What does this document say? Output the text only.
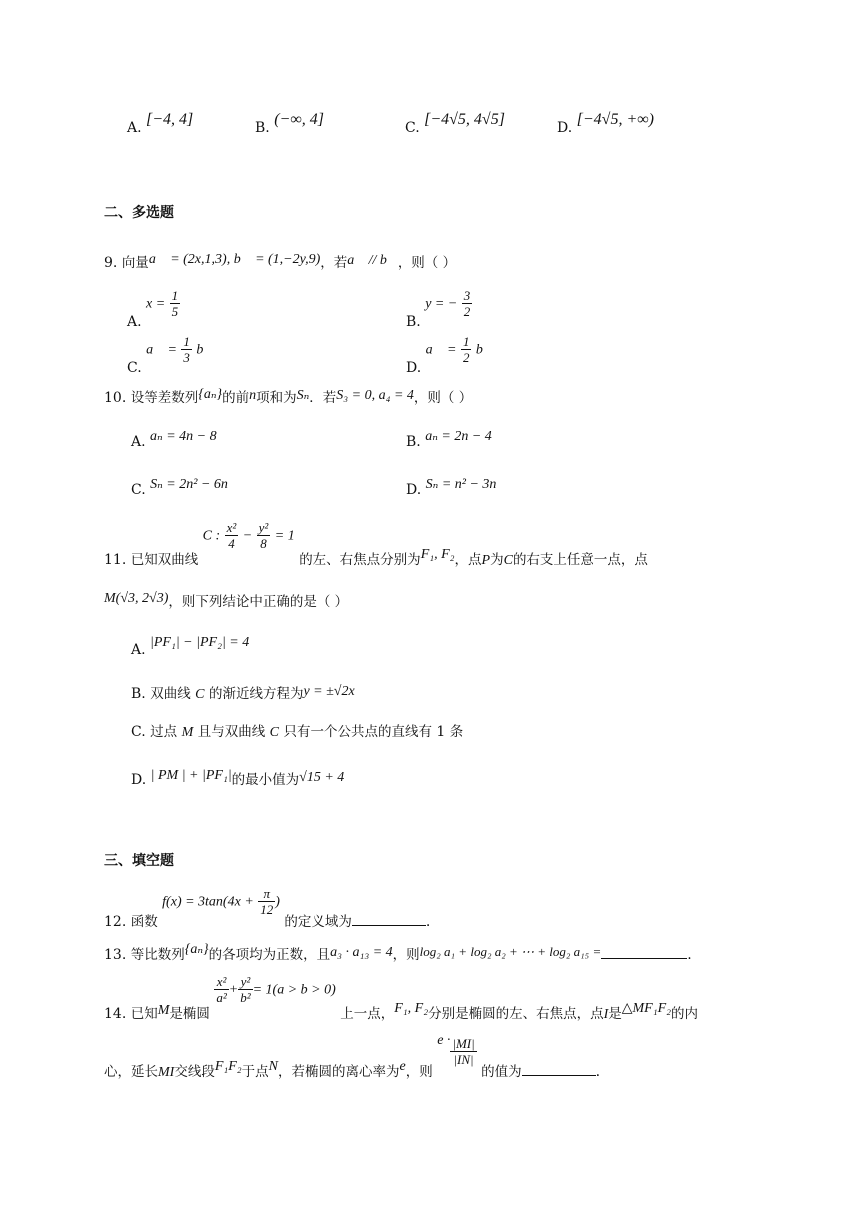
A. [−4, 4]	B. (−∞, 4]	C. [−4√5, 4√5]	D. [−4√5, +∞)
二、多选题
9. 向量a⃗ = (2x,1,3), b⃗ = (1,−2y,9)，若a⃗ // b⃗，则（ ）
A. $x = \frac{1}{5}$
B. y = − $\frac{3}{2}$
C. a⃗ = $\frac{1}{3}$ b⃗
D. a⃗ = $\frac{1}{2}$ b⃗
10. 设等差数列{aₙ}的前n项和为Sₙ．若S₃ = 0, a₄ = 4，则（ ）
A. aₙ = 4n − 8	B. aₙ = 2n − 4
C. Sₙ = 2n² − 6n	D. Sₙ = n² − 3n
11. 已知双曲线 C : $\frac{\text{x²}}{4} - \frac{\text{y²}}{8} = 1$ 的左、右焦点分别为F₁, F₂，点P为C的右支上任意一点，点
M(√3, 2√3)，则下列结论中正确的是（ ）
A. |PF₁| − |PF₂| = 4
B. 双曲线 C 的渐近线方程为y = ±√2x
C. 过点 M 且与双曲线 C 只有一个公共点的直线有 1 条
D. | PM | + |PF₁|的最小值为√15 + 4
三、填空题
12. 函数 $f(x) = 3\tan(4x + \frac{\pi}{12}$ ) 的定义域为	.
13. 等比数列{aₙ}的各项均为正数，且a₃ · a₁₃ = 4，则log₂ a₁ + log₂ a₂ + ⋯ + log₂ a₁₅ =	.
14. 已知M是椭圆
$\frac{\text{x²}}{\text{a²}} + \frac{\text{y²}}{\text{b²}} = 1(a > b > 0)$ 上一点，F₁, F₂分别是椭圆的左、右焦点，点I是△MF₁F₂的内
心，延长MI交线段F₁F₂于点N，若椭圆的离心率为e，则 $e \cdot \frac{|MI|}{|IN|}$
的值为	.
